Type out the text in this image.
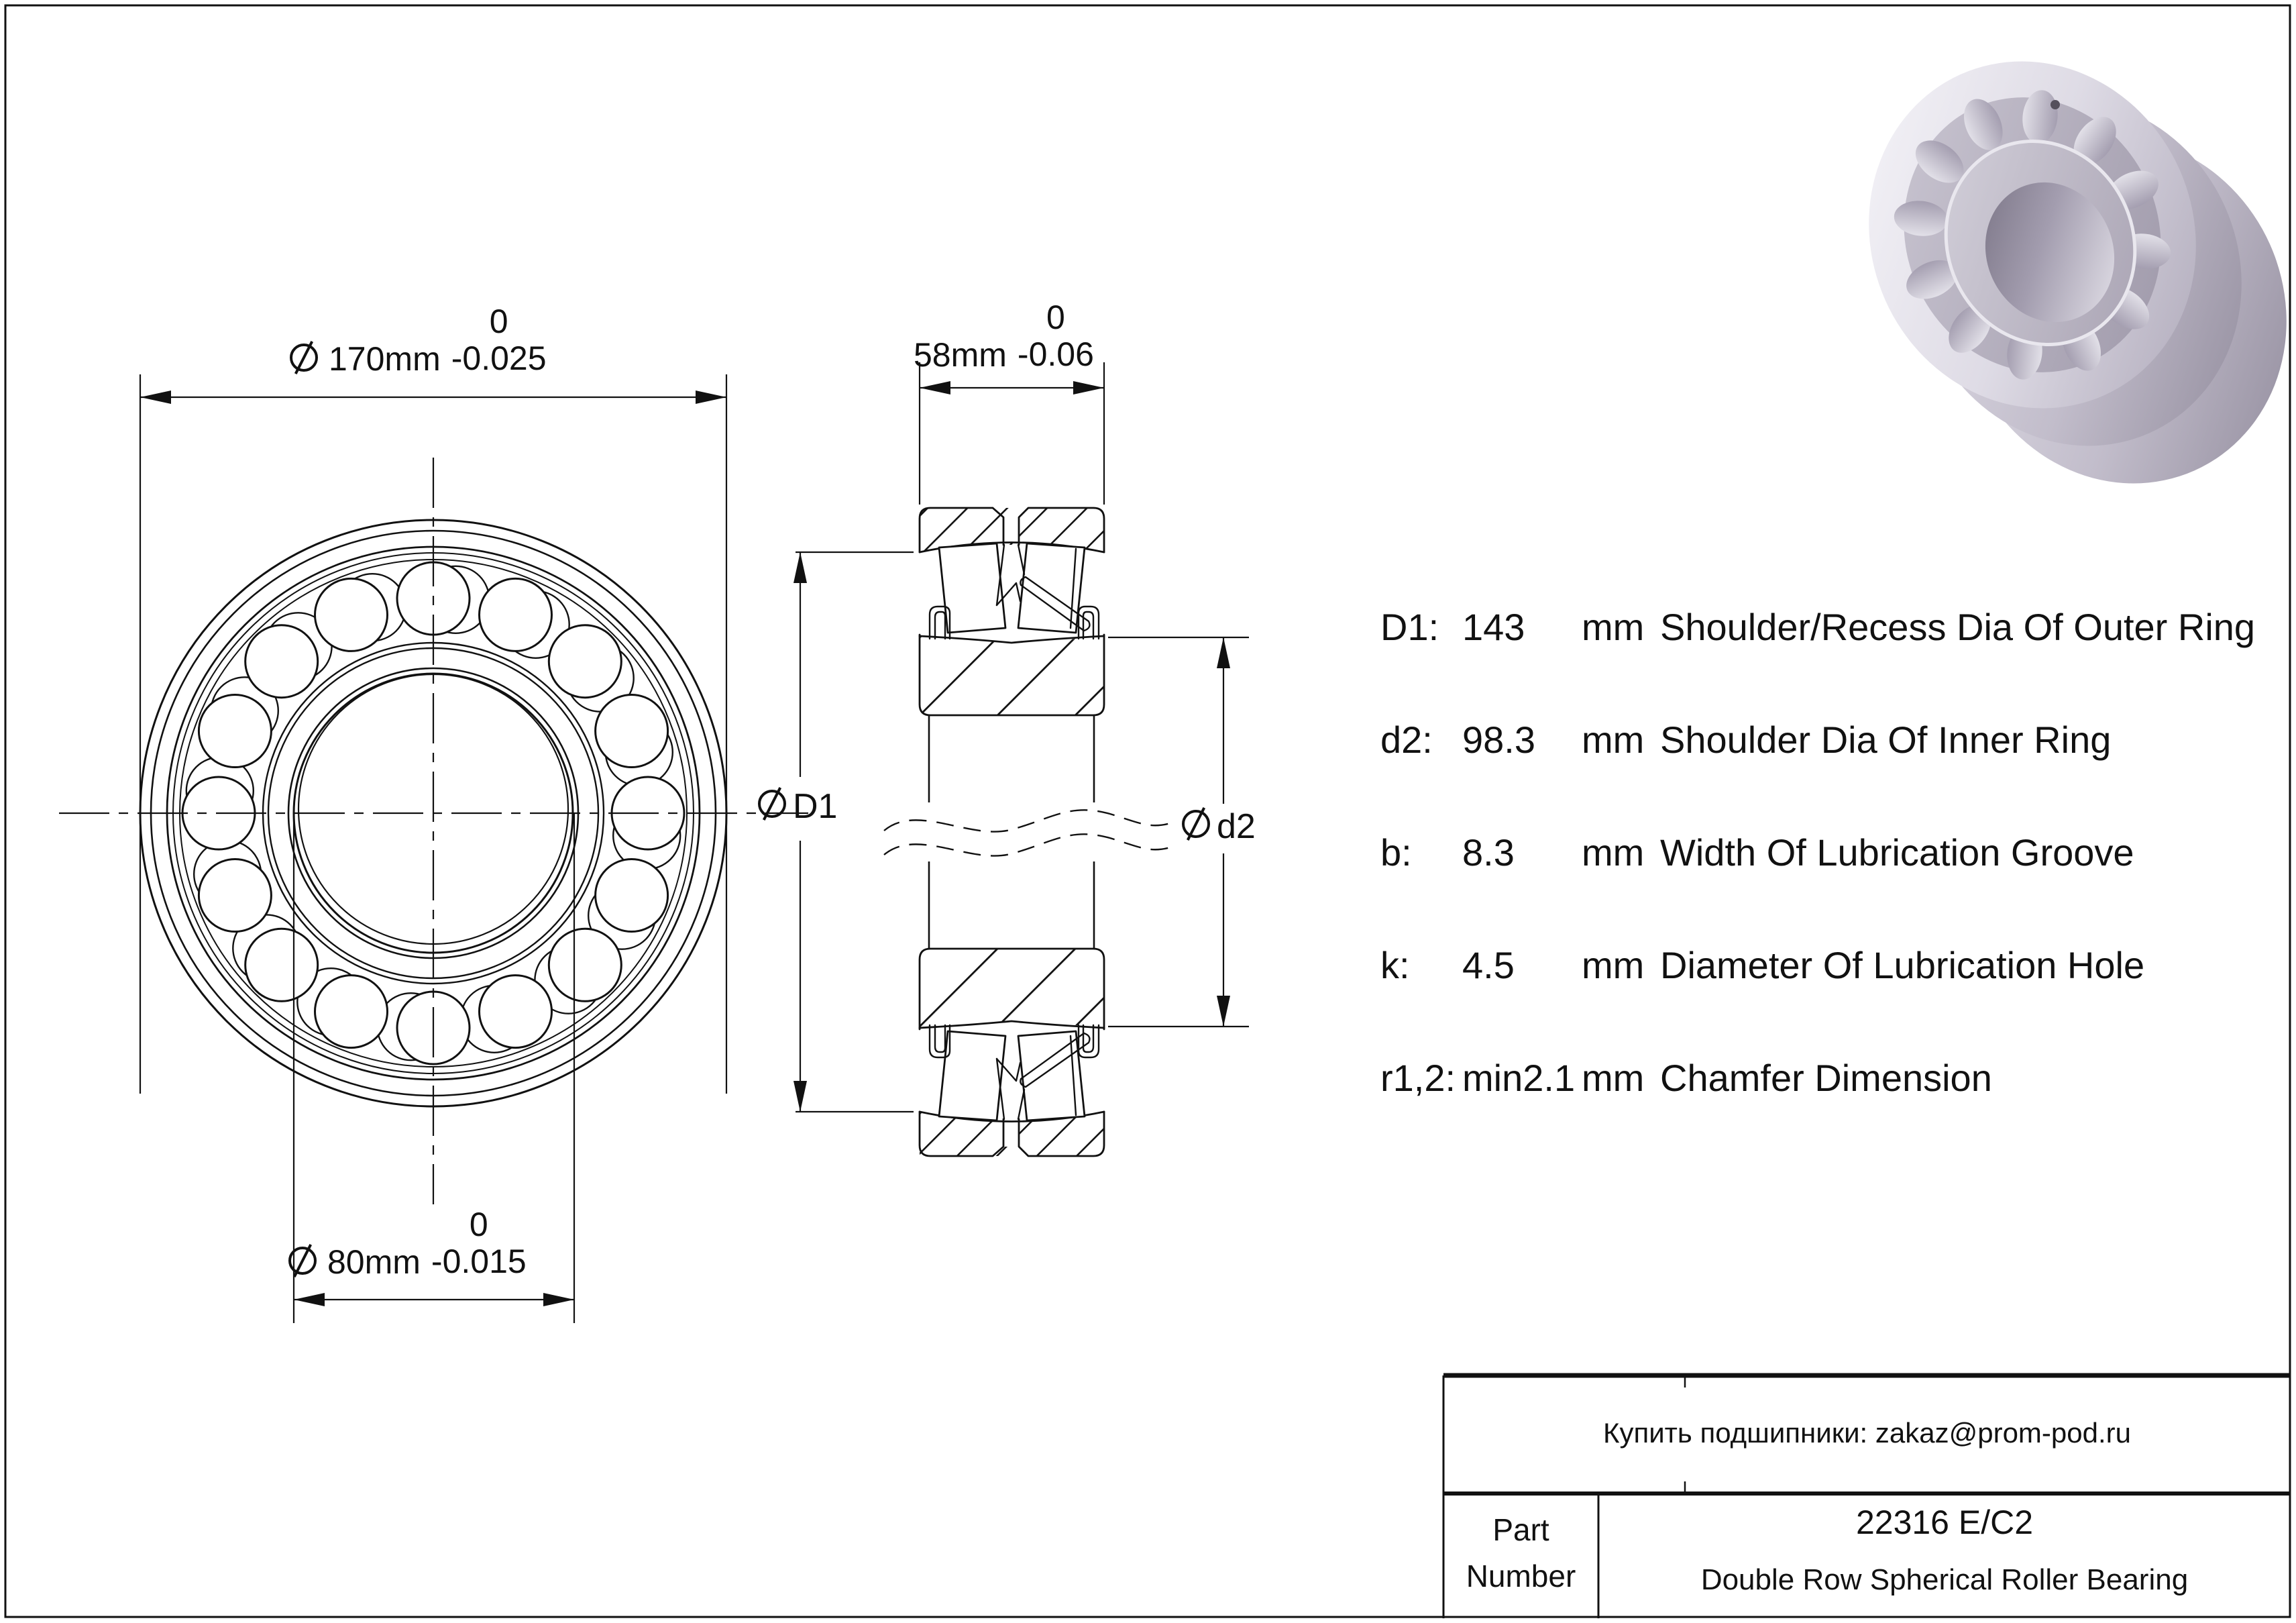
170mm
0
-0.025	58mm
0
-0.06
80mm
0
-0.015
D1
d2
D1: 143 mm Shoulder/Recess Dia Of Outer Ring
d2: 98.3 mm Shoulder Dia Of Inner Ring
b: 8.3 mm Width Of Lubrication Groove
k: 4.5 mm Diameter Of Lubrication Hole
r1,2: min2.1 mm Chamfer Dimension
Купить подшипники: zakaz@prom-pod.ru
Part
Number
22316 E/C2
Double Row Spherical Roller Bearing
